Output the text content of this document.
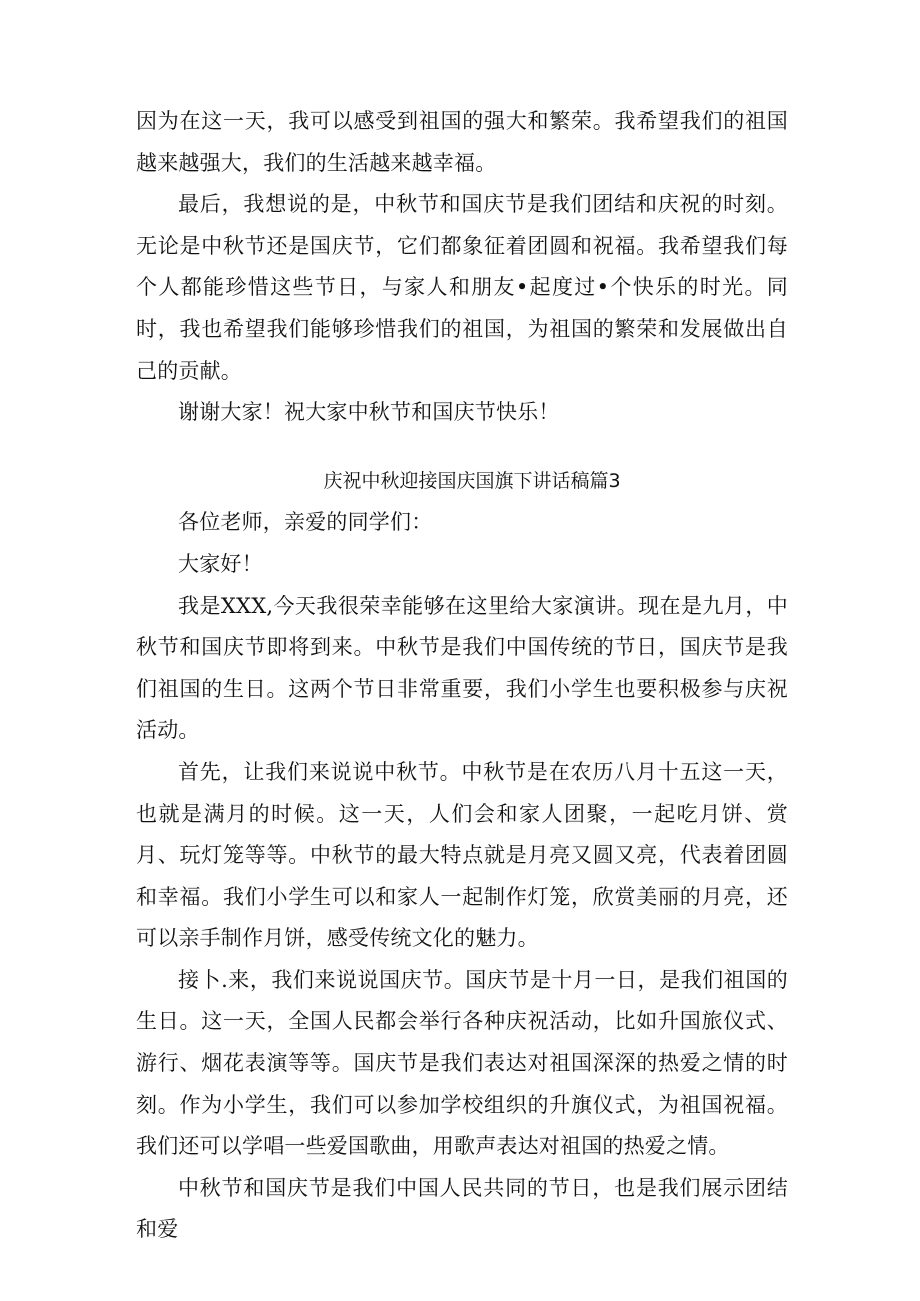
因为在这一天，我可以感受到祖国的强大和繁荣。我希望我们的祖国越来越强大，我们的生活越来越幸福。

最后，我想说的是，中秋节和国庆节是我们团结和庆祝的时刻。无论是中秋节还是国庆节，它们都象征着团圆和祝福。我希望我们每个人都能珍惜这些节日，与家人和朋友•起度过•个快乐的时光。同时，我也希望我们能够珍惜我们的祖国，为祖国的繁荣和发展做出自己的贡献。

谢谢大家！祝大家中秋节和国庆节快乐！

庆祝中秋迎接国庆国旗下讲话稿篇3

各位老师，亲爱的同学们：

大家好！

我是XXX,今天我很荣幸能够在这里给大家演讲。现在是九月，中秋节和国庆节即将到来。中秋节是我们中国传统的节日，国庆节是我们祖国的生日。这两个节日非常重要，我们小学生也要积极参与庆祝活动。

首先，让我们来说说中秋节。中秋节是在农历八月十五这一天，也就是满月的时候。这一天，人们会和家人团聚，一起吃月饼、赏月、玩灯笼等等。中秋节的最大特点就是月亮又圆又亮，代表着团圆和幸福。我们小学生可以和家人一起制作灯笼，欣赏美丽的月亮，还可以亲手制作月饼，感受传统文化的魅力。

接卜.来，我们来说说国庆节。国庆节是十月一日，是我们祖国的生日。这一天，全国人民都会举行各种庆祝活动，比如升国旅仪式、游行、烟花表演等等。国庆节是我们表达对祖国深深的热爱之情的时刻。作为小学生，我们可以参加学校组织的升旗仪式，为祖国祝福。我们还可以学唱一些爱国歌曲，用歌声表达对祖国的热爱之情。

中秋节和国庆节是我们中国人民共同的节日，也是我们展示团结和爱
